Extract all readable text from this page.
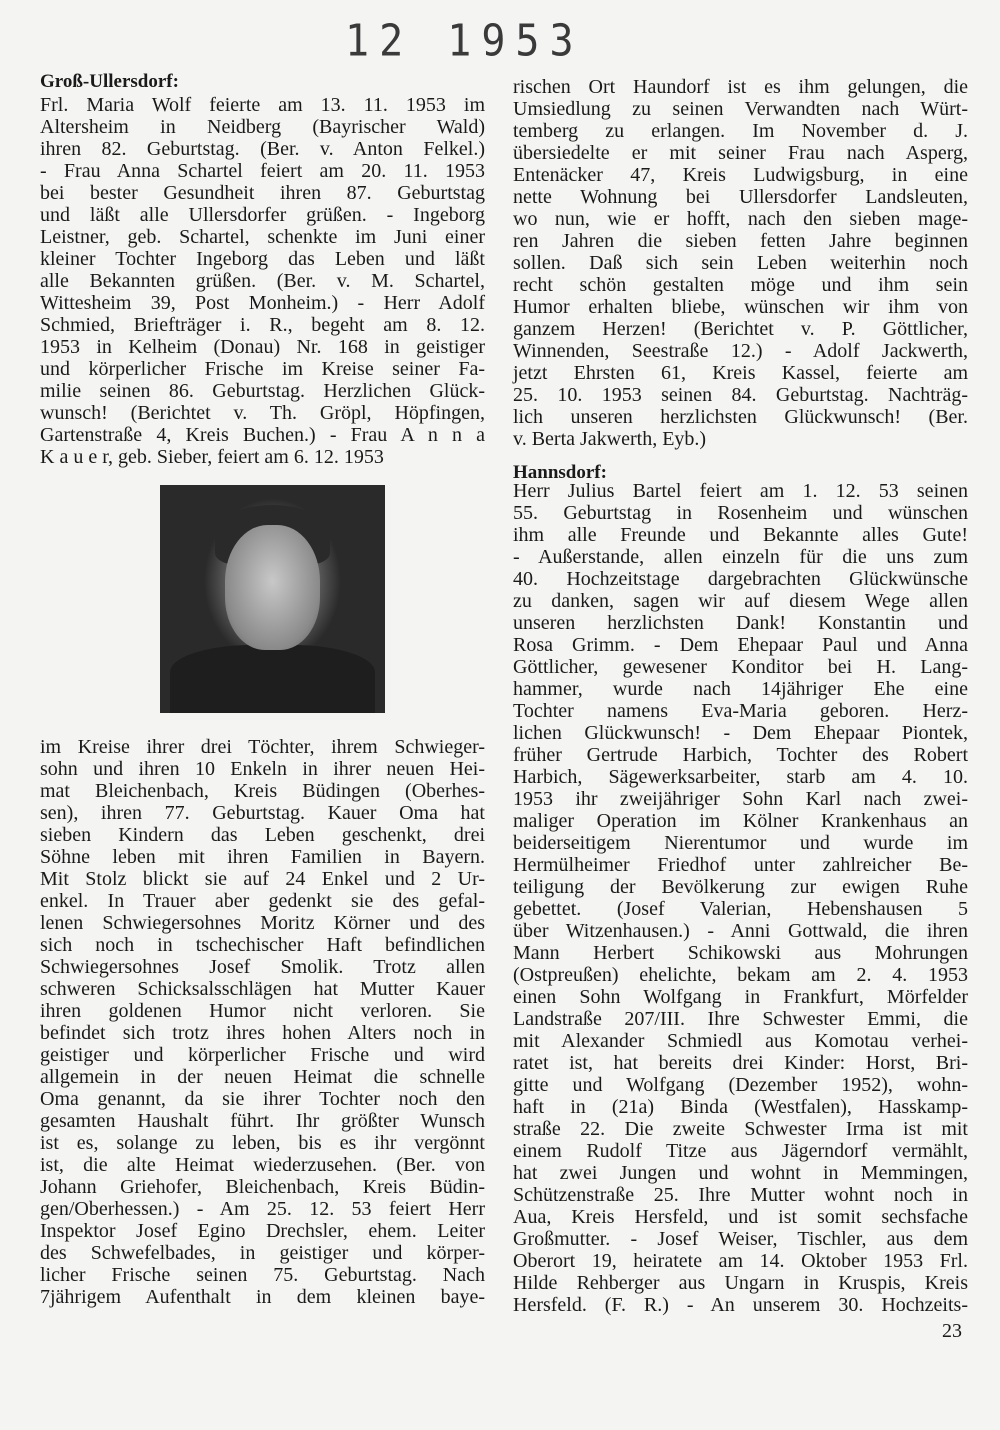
12 1953
Groß-Ullersdorf:
Frl. Maria Wolf feierte am 13. 11. 1953 im
Altersheim in Neidberg (Bayrischer Wald)
ihren 82. Geburtstag. (Ber. v. Anton Felkel.)
- Frau Anna Schartel feiert am 20. 11. 1953
bei bester Gesundheit ihren 87. Geburtstag
und läßt alle Ullersdorfer grüßen. - Ingeborg
Leistner, geb. Schartel, schenkte im Juni einer
kleiner Tochter Ingeborg das Leben und läßt
alle Bekannten grüßen. (Ber. v. M. Schartel,
Wittesheim 39, Post Monheim.) - Herr Adolf
Schmied, Briefträger i. R., begeht am 8. 12.
1953 in Kelheim (Donau) Nr. 168 in geistiger
und körperlicher Frische im Kreise seiner Fa-
milie seinen 86. Geburtstag. Herzlichen Glück-
wunsch! (Berichtet v. Th. Gröpl, Höpfingen,
Gartenstraße 4, Kreis Buchen.) - Frau A n n a
K a u e r, geb. Sieber, feiert am 6. 12. 1953
im Kreise ihrer drei Töchter, ihrem Schwieger-
sohn und ihren 10 Enkeln in ihrer neuen Hei-
mat Bleichenbach, Kreis Büdingen (Oberhes-
sen), ihren 77. Geburtstag. Kauer Oma hat
sieben Kindern das Leben geschenkt, drei
Söhne leben mit ihren Familien in Bayern.
Mit Stolz blickt sie auf 24 Enkel und 2 Ur-
enkel. In Trauer aber gedenkt sie des gefal-
lenen Schwiegersohnes Moritz Körner und des
sich noch in tschechischer Haft befindlichen
Schwiegersohnes Josef Smolik. Trotz allen
schweren Schicksalsschlägen hat Mutter Kauer
ihren goldenen Humor nicht verloren. Sie
befindet sich trotz ihres hohen Alters noch in
geistiger und körperlicher Frische und wird
allgemein in der neuen Heimat die schnelle
Oma genannt, da sie ihrer Tochter noch den
gesamten Haushalt führt. Ihr größter Wunsch
ist es, solange zu leben, bis es ihr vergönnt
ist, die alte Heimat wiederzusehen. (Ber. von
Johann Griehofer, Bleichenbach, Kreis Büdin-
gen/Oberhessen.) - Am 25. 12. 53 feiert Herr
Inspektor Josef Egino Drechsler, ehem. Leiter
des Schwefelbades, in geistiger und körper-
licher Frische seinen 75. Geburtstag. Nach
7jährigem Aufenthalt in dem kleinen baye-
rischen Ort Haundorf ist es ihm gelungen, die
Umsiedlung zu seinen Verwandten nach Würt-
temberg zu erlangen. Im November d. J.
übersiedelte er mit seiner Frau nach Asperg,
Entenäcker 47, Kreis Ludwigsburg, in eine
nette Wohnung bei Ullersdorfer Landsleuten,
wo nun, wie er hofft, nach den sieben mage-
ren Jahren die sieben fetten Jahre beginnen
sollen. Daß sich sein Leben weiterhin noch
recht schön gestalten möge und ihm sein
Humor erhalten bliebe, wünschen wir ihm von
ganzem Herzen! (Berichtet v. P. Göttlicher,
Winnenden, Seestraße 12.) - Adolf Jackwerth,
jetzt Ehrsten 61, Kreis Kassel, feierte am
25. 10. 1953 seinen 84. Geburtstag. Nachträg-
lich unseren herzlichsten Glückwunsch! (Ber.
v. Berta Jakwerth, Eyb.)
Hannsdorf:
Herr Julius Bartel feiert am 1. 12. 53 seinen
55. Geburtstag in Rosenheim und wünschen
ihm alle Freunde und Bekannte alles Gute!
- Außerstande, allen einzeln für die uns zum
40. Hochzeitstage dargebrachten Glückwünsche
zu danken, sagen wir auf diesem Wege allen
unseren herzlichsten Dank! Konstantin und
Rosa Grimm. - Dem Ehepaar Paul und Anna
Göttlicher, gewesener Konditor bei H. Lang-
hammer, wurde nach 14jähriger Ehe eine
Tochter namens Eva-Maria geboren. Herz-
lichen Glückwunsch! - Dem Ehepaar Piontek,
früher Gertrude Harbich, Tochter des Robert
Harbich, Sägewerksarbeiter, starb am 4. 10.
1953 ihr zweijähriger Sohn Karl nach zwei-
maliger Operation im Kölner Krankenhaus an
beiderseitigem Nierentumor und wurde im
Hermülheimer Friedhof unter zahlreicher Be-
teiligung der Bevölkerung zur ewigen Ruhe
gebettet. (Josef Valerian, Hebenshausen 5
über Witzenhausen.) - Anni Gottwald, die ihren
Mann Herbert Schikowski aus Mohrungen
(Ostpreußen) ehelichte, bekam am 2. 4. 1953
einen Sohn Wolfgang in Frankfurt, Mörfelder
Landstraße 207/III. Ihre Schwester Emmi, die
mit Alexander Schmiedl aus Komotau verhei-
ratet ist, hat bereits drei Kinder: Horst, Bri-
gitte und Wolfgang (Dezember 1952), wohn-
haft in (21a) Binda (Westfalen), Hasskamp-
straße 22. Die zweite Schwester Irma ist mit
einem Rudolf Titze aus Jägerndorf vermählt,
hat zwei Jungen und wohnt in Memmingen,
Schützenstraße 25. Ihre Mutter wohnt noch in
Aua, Kreis Hersfeld, und ist somit sechsfache
Großmutter. - Josef Weiser, Tischler, aus dem
Oberort 19, heiratete am 14. Oktober 1953 Frl.
Hilde Rehberger aus Ungarn in Kruspis, Kreis
Hersfeld. (F. R.) - An unserem 30. Hochzeits-
23
